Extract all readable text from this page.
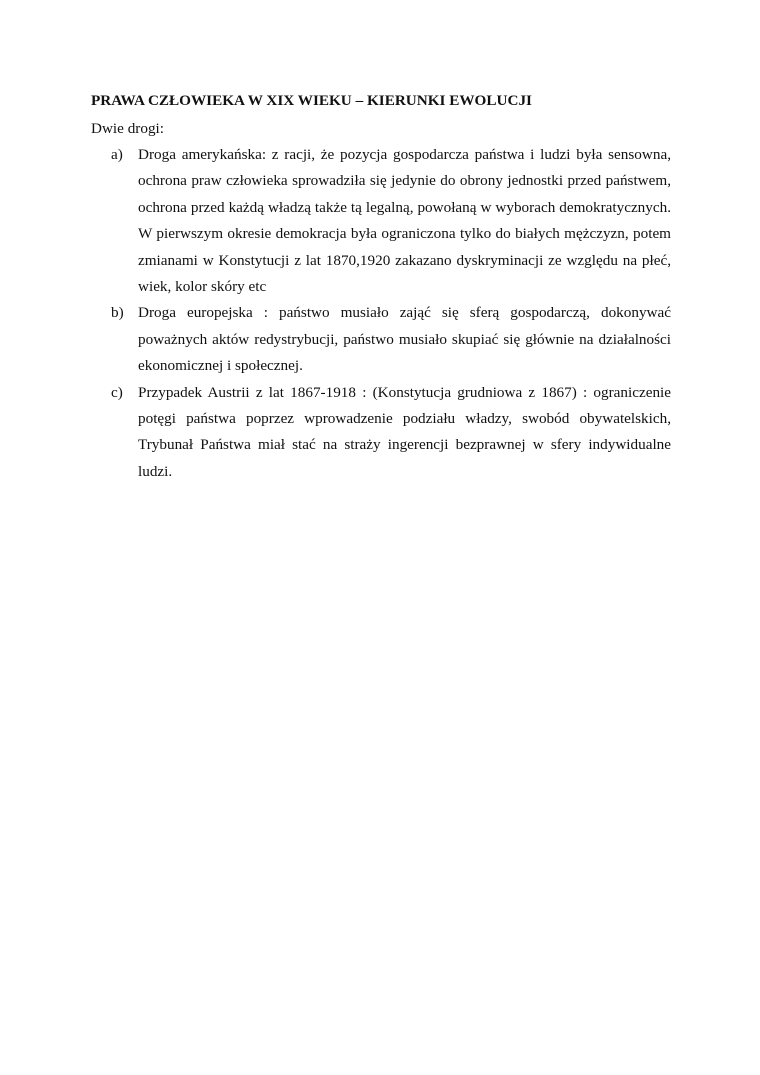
PRAWA CZŁOWIEKA W XIX WIEKU – KIERUNKI EWOLUCJI

Dwie drogi:

a) Droga amerykańska: z racji, że pozycja gospodarcza państwa i ludzi była sensowna, ochrona praw człowieka sprowadziła się jedynie do obrony jednostki przed państwem, ochrona przed każdą władzą także tą legalną, powołaną w wyborach demokratycznych. W pierwszym okresie demokracja była ograniczona tylko do białych mężczyzn, potem zmianami w Konstytucji z lat 1870,1920 zakazano dyskryminacji ze względu na płeć, wiek, kolor skóry etc
b) Droga europejska : państwo musiało zająć się sferą gospodarczą, dokonywać poważnych aktów redystrybucji, państwo musiało skupiać się głównie na działalności ekonomicznej i społecznej.
c) Przypadek Austrii z lat 1867-1918 : (Konstytucja grudniowa z 1867) : ograniczenie potęgi państwa poprzez wprowadzenie podziału władzy, swobód obywatelskich, Trybunał Państwa miał stać na straży ingerencji bezprawnej w sfery indywidualne ludzi.
